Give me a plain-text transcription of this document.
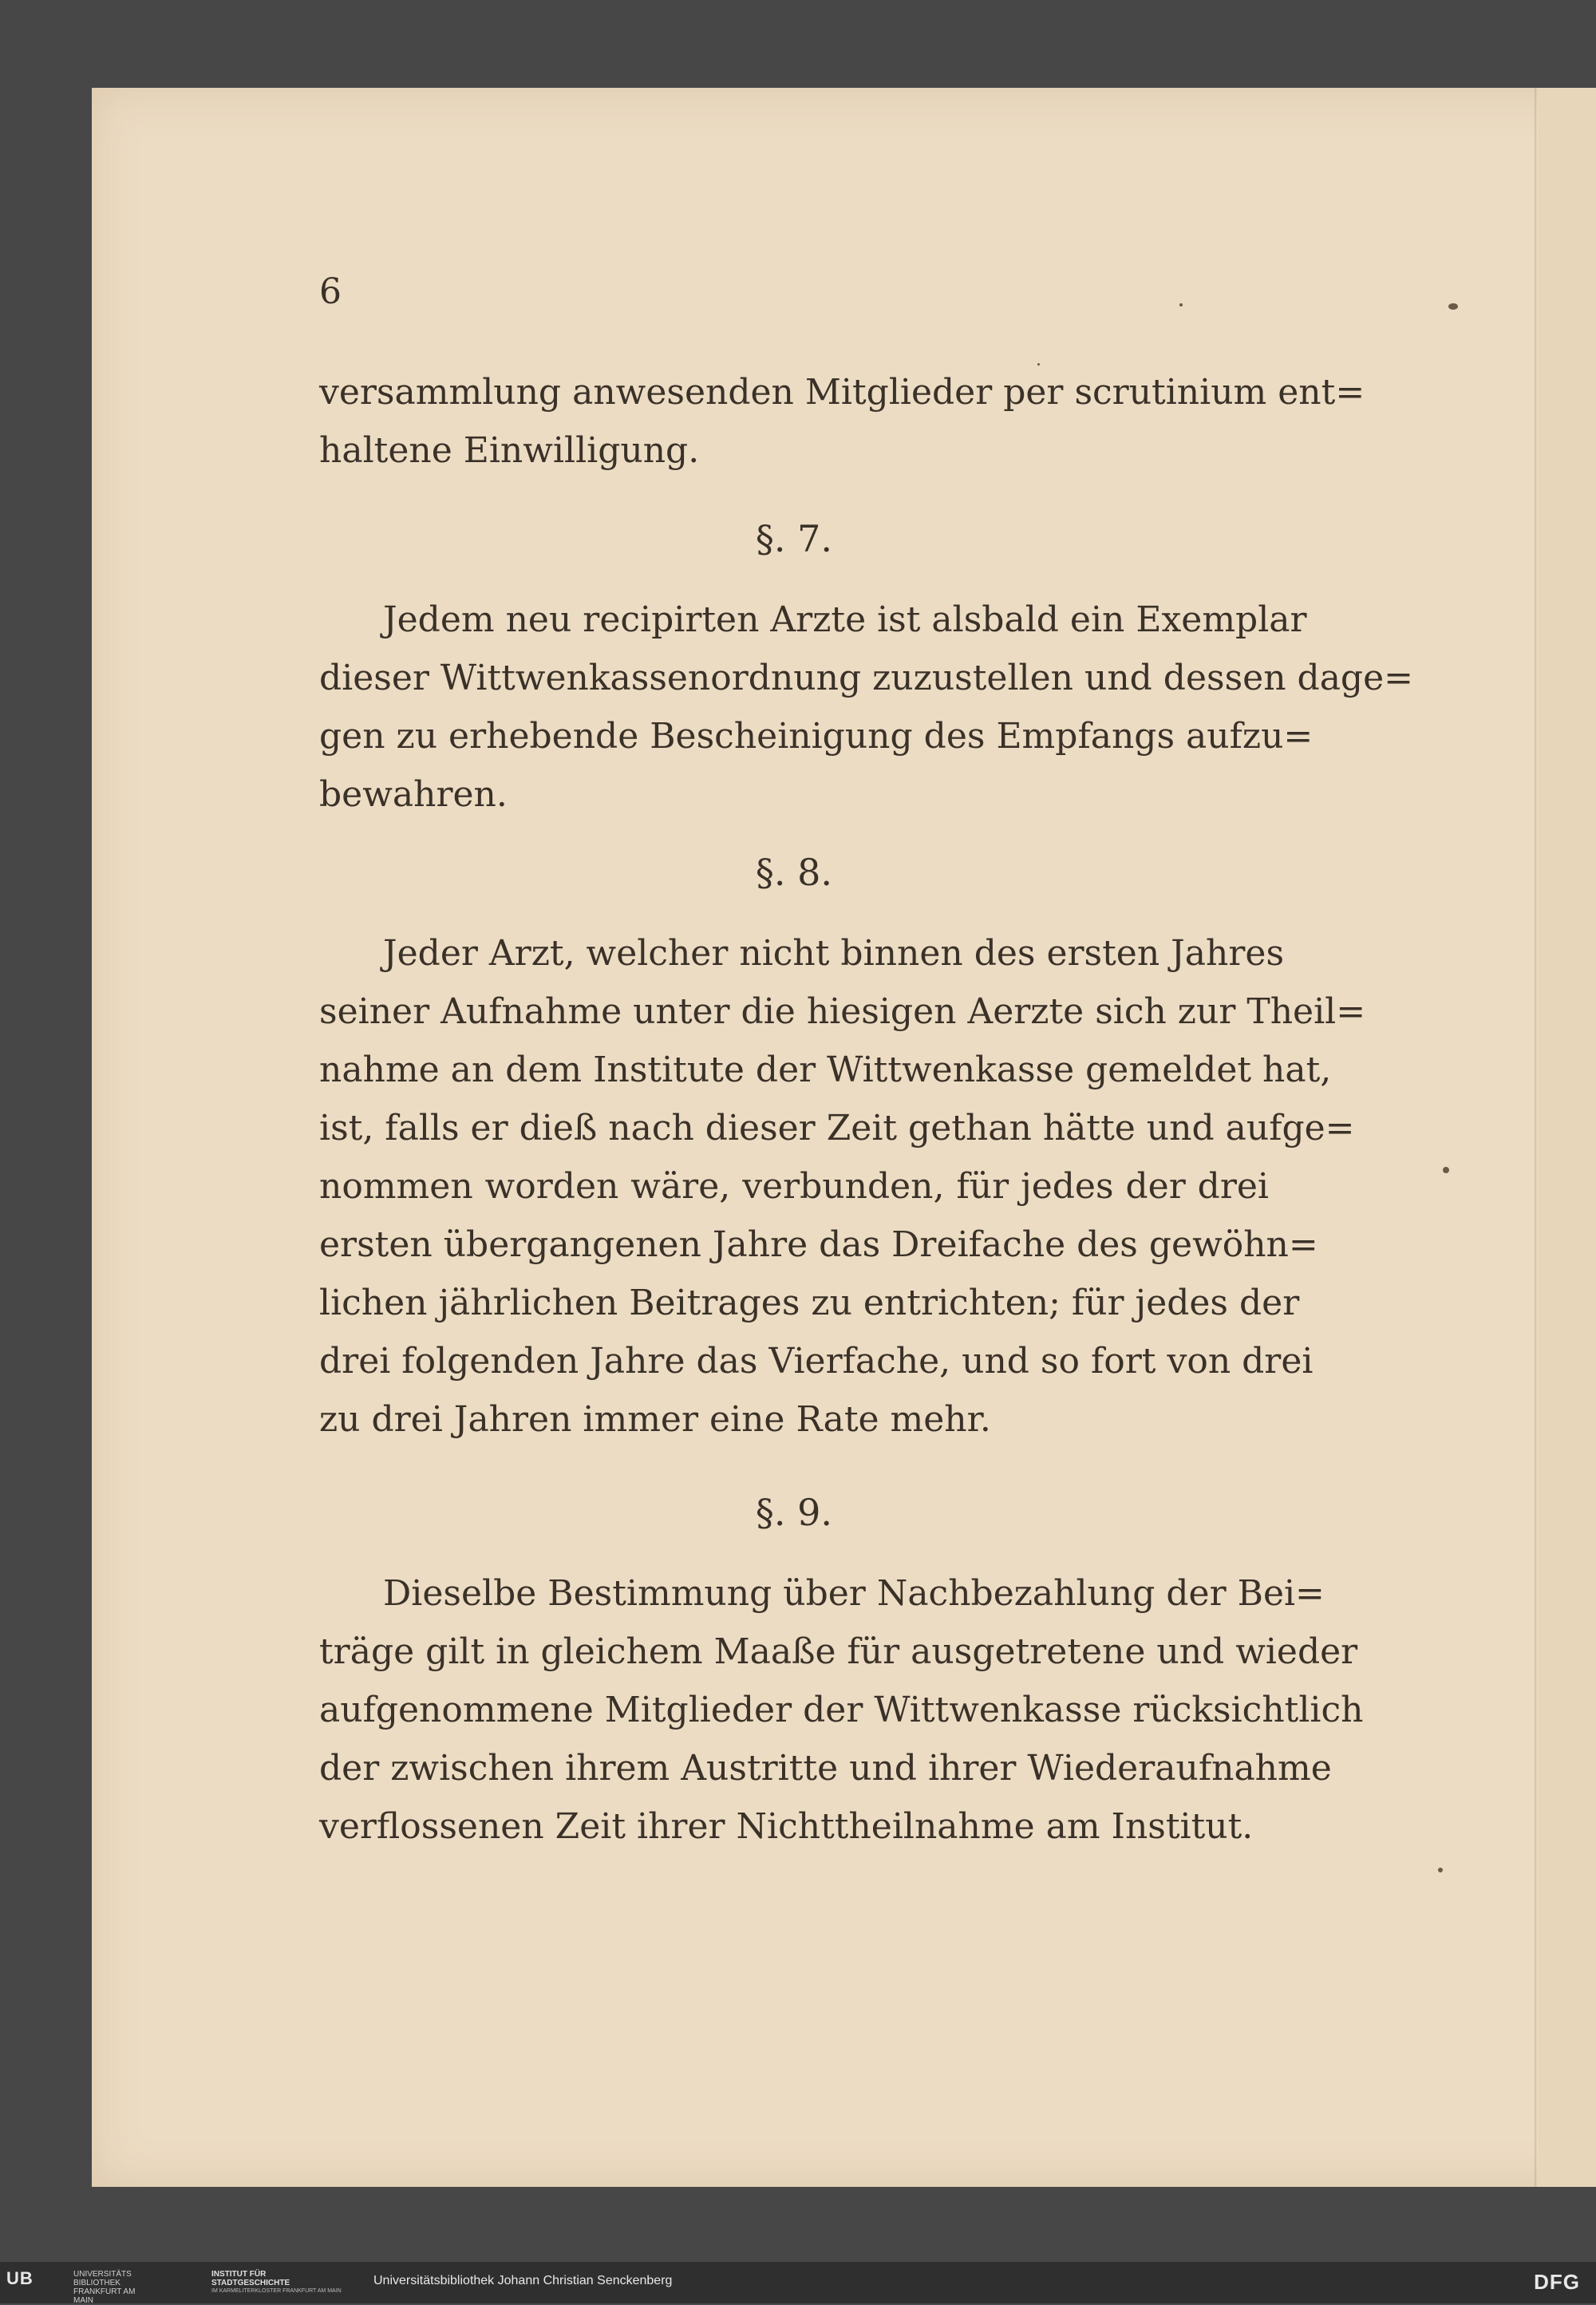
6
versammlung anwesenden Mitglieder per scrutinium ent=
haltene Einwilligung.
§. 7.
Jedem neu recipirten Arzte ist alsbald ein Exemplar
dieser Wittwenkassenordnung zuzustellen und dessen dage=
gen zu erhebende Bescheinigung des Empfangs aufzu=
bewahren.
§. 8.
Jeder Arzt, welcher nicht binnen des ersten Jahres
seiner Aufnahme unter die hiesigen Aerzte sich zur Theil=
nahme an dem Institute der Wittwenkasse gemeldet hat,
ist, falls er dieß nach dieser Zeit gethan hätte und aufge=
nommen worden wäre, verbunden, für jedes der drei
ersten übergangenen Jahre das Dreifache des gewöhn=
lichen jährlichen Beitrages zu entrichten; für jedes der
drei folgenden Jahre das Vierfache, und so fort von drei
zu drei Jahren immer eine Rate mehr.
§. 9.
Dieselbe Bestimmung über Nachbezahlung der Bei=
träge gilt in gleichem Maaße für ausgetretene und wieder
aufgenommene Mitglieder der Wittwenkasse rücksichtlich
der zwischen ihrem Austritte und ihrer Wiederaufnahme
verflossenen Zeit ihrer Nichttheilnahme am Institut.
UB	UNIVERSITÄTS BIBLIOTHEK FRANKFURT AM MAIN
INSTITUT FÜR STADTGESCHICHTE
IM KARMELITERKLOSTER FRANKFURT AM MAIN
Universitätsbibliothek Johann Christian Senckenberg	DFG
